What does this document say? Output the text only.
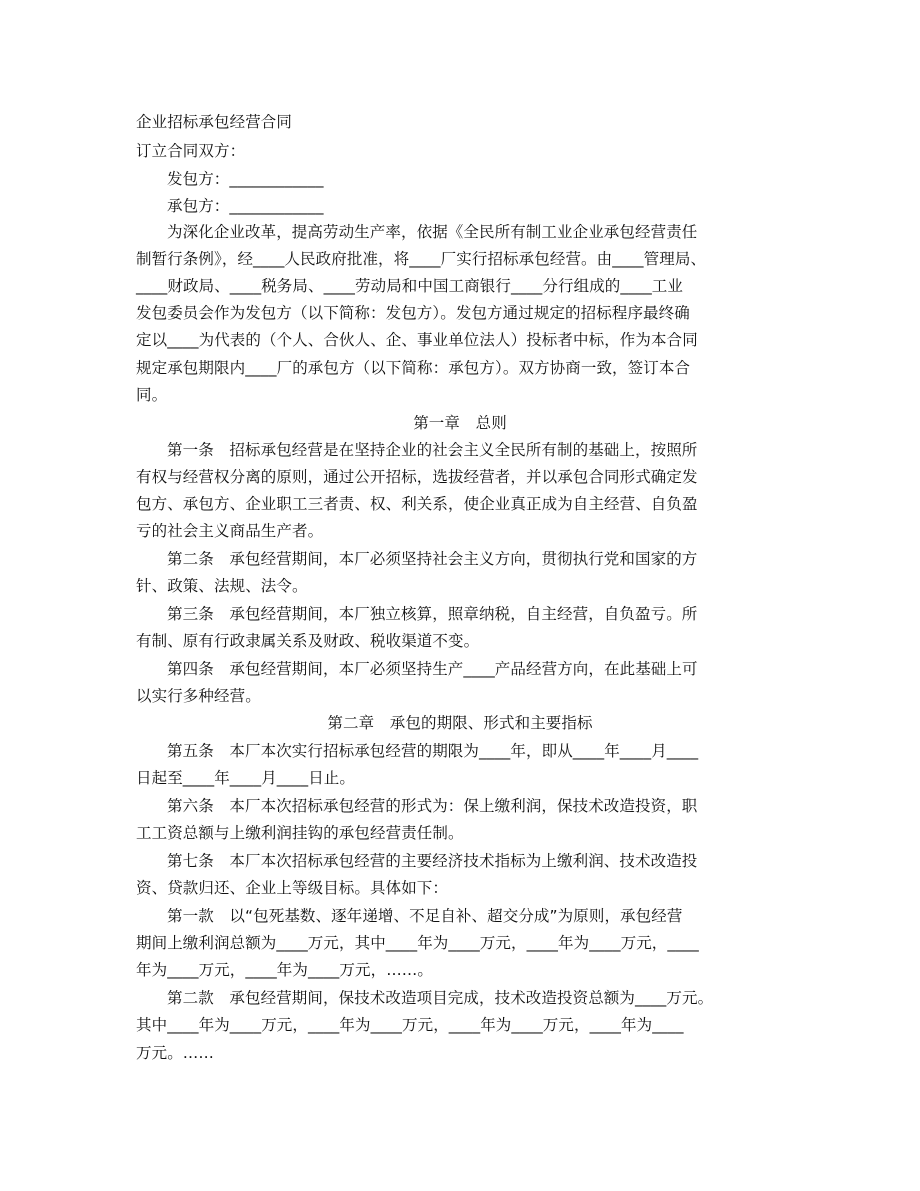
企业招标承包经营合同
订立合同双方：
发包方：____________
承包方：____________
为深化企业改革，提高劳动生产率，依据《全民所有制工业企业承包经营责任
制暂行条例》，经____人民政府批准，将____厂实行招标承包经营。由____管理局、
____财政局、____税务局、____劳动局和中国工商银行____分行组成的____工业
发包委员会作为发包方（以下简称：发包方）。发包方通过规定的招标程序最终确
定以____为代表的（个人、合伙人、企、事业单位法人）投标者中标，作为本合同
规定承包期限内____厂的承包方（以下简称：承包方）。双方协商一致，签订本合
同。
第一章　总则
第一条　招标承包经营是在坚持企业的社会主义全民所有制的基础上，按照所
有权与经营权分离的原则，通过公开招标，选拔经营者，并以承包合同形式确定发
包方、承包方、企业职工三者责、权、利关系，使企业真正成为自主经营、自负盈
亏的社会主义商品生产者。
第二条　承包经营期间，本厂必须坚持社会主义方向，贯彻执行党和国家的方
针、政策、法规、法令。
第三条　承包经营期间，本厂独立核算，照章纳税，自主经营，自负盈亏。所
有制、原有行政隶属关系及财政、税收渠道不变。
第四条　承包经营期间，本厂必须坚持生产____产品经营方向，在此基础上可
以实行多种经营。
第二章　承包的期限、形式和主要指标
第五条　本厂本次实行招标承包经营的期限为____年，即从____年____月____
日起至____年____月____日止。
第六条　本厂本次招标承包经营的形式为：保上缴利润，保技术改造投资，职
工工资总额与上缴利润挂钩的承包经营责任制。
第七条　本厂本次招标承包经营的主要经济技术指标为上缴利润、技术改造投
资、贷款归还、企业上等级目标。具体如下：
第一款　以“包死基数、逐年递增、不足自补、超交分成”为原则，承包经营
期间上缴利润总额为____万元，其中____年为____万元，____年为____万元，____
年为____万元，____年为____万元，……。
第二款　承包经营期间，保技术改造项目完成，技术改造投资总额为____万元。
其中____年为____万元，____年为____万元，____年为____万元，____年为____
万元。……
